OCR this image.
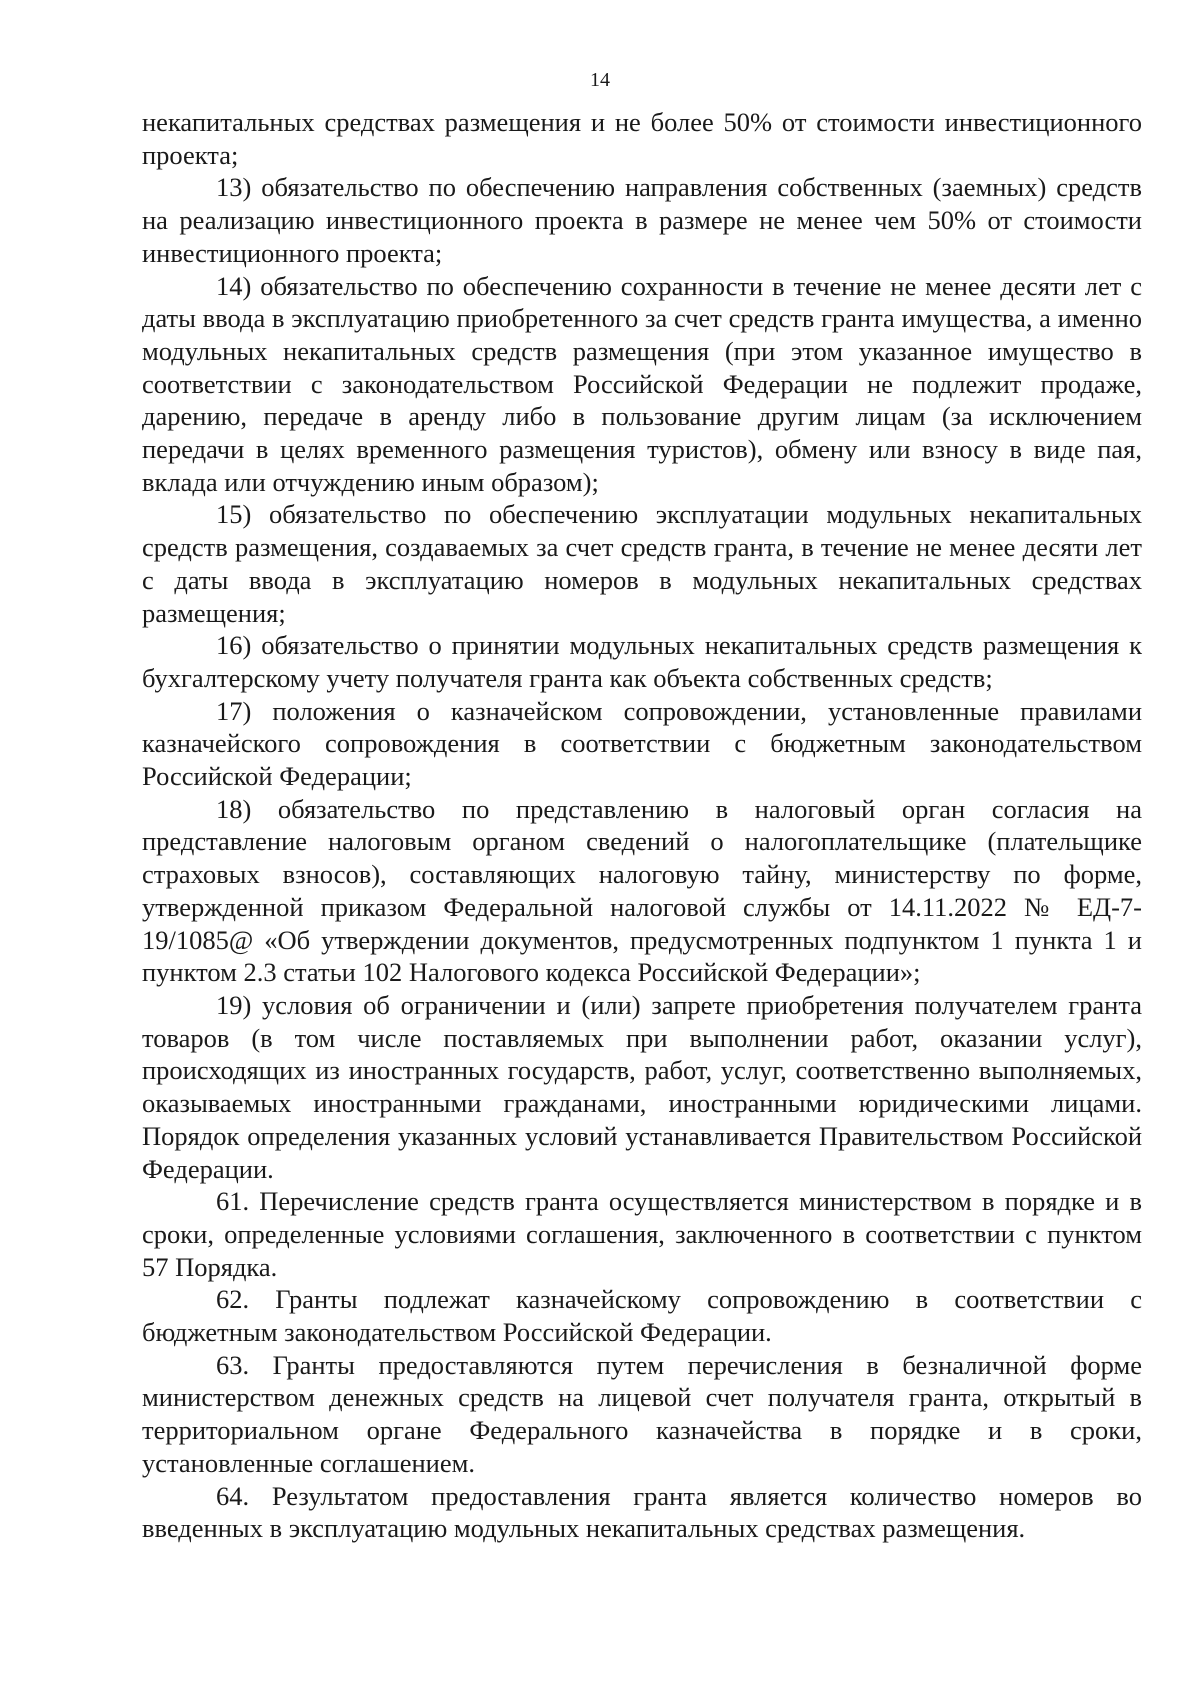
14

некапитальных средствах размещения и не более 50% от стоимости инвестиционного проекта;

13) обязательство по обеспечению направления собственных (заемных) средств на реализацию инвестиционного проекта в размере не менее чем 50% от стоимости инвестиционного проекта;

14) обязательство по обеспечению сохранности в течение не менее десяти лет с даты ввода в эксплуатацию приобретенного за счет средств гранта имущества, а именно модульных некапитальных средств размещения (при этом указанное имущество в соответствии с законодательством Российской Федерации не подлежит продаже, дарению, передаче в аренду либо в пользование другим лицам (за исключением передачи в целях временного размещения туристов), обмену или взносу в виде пая, вклада или отчуждению иным образом);

15) обязательство по обеспечению эксплуатации модульных некапитальных средств размещения, создаваемых за счет средств гранта, в течение не менее десяти лет с даты ввода в эксплуатацию номеров в модульных некапитальных средствах размещения;

16) обязательство о принятии модульных некапитальных средств размещения к бухгалтерскому учету получателя гранта как объекта собственных средств;

17) положения о казначейском сопровождении, установленные правилами казначейского сопровождения в соответствии с бюджетным законодательством Российской Федерации;

18) обязательство по представлению в налоговый орган согласия на представление налоговым органом сведений о налогоплательщике (плательщике страховых взносов), составляющих налоговую тайну, министерству по форме, утвержденной приказом Федеральной налоговой службы от 14.11.2022 № ЕД-7-19/1085@ «Об утверждении документов, предусмотренных подпунктом 1 пункта 1 и пунктом 2.3 статьи 102 Налогового кодекса Российской Федерации»;

19) условия об ограничении и (или) запрете приобретения получателем гранта товаров (в том числе поставляемых при выполнении работ, оказании услуг), происходящих из иностранных государств, работ, услуг, соответственно выполняемых, оказываемых иностранными гражданами, иностранными юридическими лицами. Порядок определения указанных условий устанавливается Правительством Российской Федерации.

61. Перечисление средств гранта осуществляется министерством в порядке и в сроки, определенные условиями соглашения, заключенного в соответствии с пунктом 57 Порядка.

62. Гранты подлежат казначейскому сопровождению в соответствии с бюджетным законодательством Российской Федерации.

63. Гранты предоставляются путем перечисления в безналичной форме министерством денежных средств на лицевой счет получателя гранта, открытый в территориальном органе Федерального казначейства в порядке и в сроки, установленные соглашением.

64. Результатом предоставления гранта является количество номеров во введенных в эксплуатацию модульных некапитальных средствах размещения.
